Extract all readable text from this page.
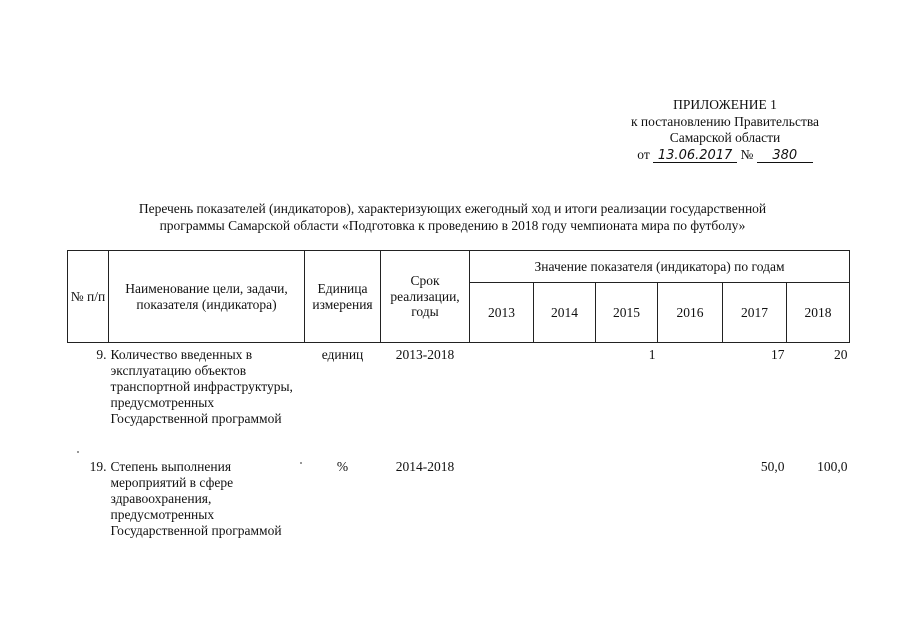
ПРИЛОЖЕНИЕ 1
к постановлению Правительства
Самарской области
от 13.06.2017 № 380
Перечень показателей (индикаторов), характеризующих ежегодный ход и итоги реализации государственной
программы Самарской области «Подготовка к проведению в 2018 году чемпионата мира по футболу»
№ п/п	Наименование цели, задачи, показателя (индикатора)	Единица измерения	Срок реализации, годы	Значение показателя (индикатора) по годам					
				2013	2014	2015	2016	2017	2018
9.	Количество введенных в эксплуатацию объектов транспортной инфраструктуры, предусмотренных Государственной программой	единиц	2013-2018			1		17	20
19.	Степень выполнения мероприятий в сфере здравоохранения, предусмотренных Государственной программой	%	2014-2018					50,0	100,0
